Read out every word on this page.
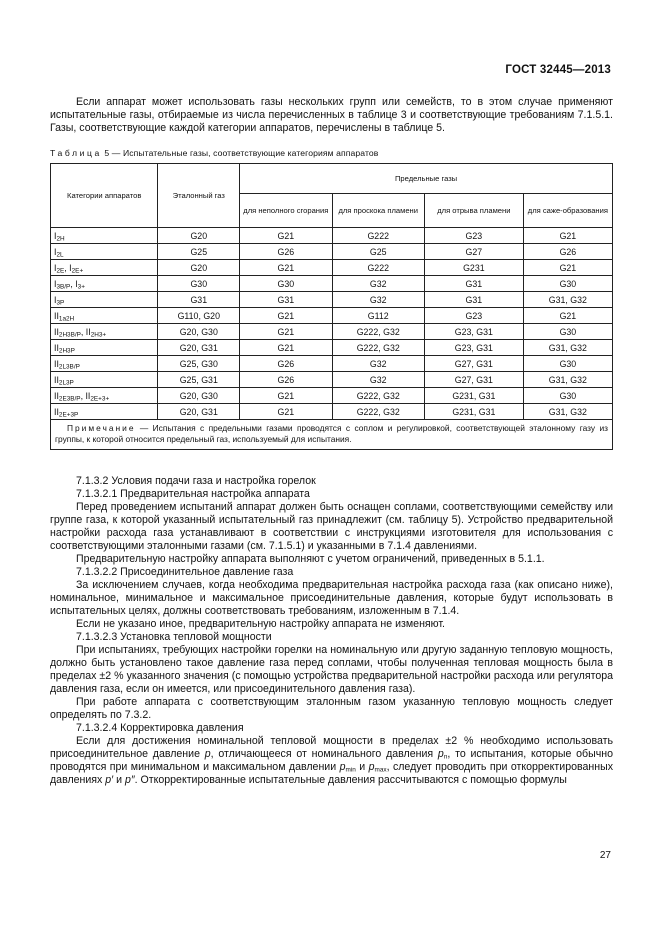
ГОСТ 32445—2013
Если аппарат может использовать газы нескольких групп или семейств, то в этом случае применяют испытательные газы, отбираемые из числа перечисленных в таблице 3 и соответствующие требованиям 7.1.5.1. Газы, соответствующие каждой категории аппаратов, перечислены в таблице 5.
Таблица 5 — Испытательные газы, соответствующие категориям аппаратов
Категории аппаратов	Эталонный газ	Предельные газы			
		для неполного сгорания	для проскока пламени	для отрыва пламени	для саже-образования
$I_{2H}$	G20	G21	G222	G23	G21
$I_{2L}$	G25	G26	G25	G27	G26
$I_{2E}$, $I_{2E+}$	G20	G21	G222	G231	G21
$I_{3B/P}$, $I_{3+}$	G30	G30	G32	G31	G30
$I_{3P}$	G31	G31	G32	G31	G31, G32
$II_{1a2H}$	G110, G20	G21	G112	G23	G21
$II_{2H3B/P}$, $II_{2H3+}$	G20, G30	G21	G222, G32	G23, G31	G30
$II_{2H3P}$	G20, G31	G21	G222, G32	G23, G31	G31, G32
$II_{2L3B/P}$	G25, G30	G26	G32	G27, G31	G30
$II_{2L3P}$	G25, G31	G26	G32	G27, G31	G31, G32
$II_{2E3B/P}$, $II_{2E+3+}$	G20, G30	G21	G222, G32	G231, G31	G30
$II_{2E+3P}$	G20, G31	G21	G222, G32	G231, G31	G31, G32
Примечание — Испытания с предельными газами проводятся с соплом и регулировкой, соответствующей эталонному газу из группы, к которой относится предельный газ, используемый для испытания.					

7.1.3.2 Условия подачи газа и настройка горелок

7.1.3.2.1 Предварительная настройка аппарата

Перед проведением испытаний аппарат должен быть оснащен соплами, соответствующими семейству или группе газа, к которой указанный испытательный газ принадлежит (см. таблицу 5). Устройство предварительной настройки расхода газа устанавливают в соответствии с инструкциями изготовителя для использования с соответствующими эталонными газами (см. 7.1.5.1) и указанными в 7.1.4 давлениями.

Предварительную настройку аппарата выполняют с учетом ограничений, приведенных в 5.1.1.

7.1.3.2.2 Присоединительное давление газа

За исключением случаев, когда необходима предварительная настройка расхода газа (как описано ниже), номинальное, минимальное и максимальное присоединительные давления, которые будут использовать в испытательных целях, должны соответствовать требованиям, изложенным в 7.1.4.

Если не указано иное, предварительную настройку аппарата не изменяют.

7.1.3.2.3 Установка тепловой мощности

При испытаниях, требующих настройки горелки на номинальную или другую заданную тепловую мощность, должно быть установлено такое давление газа перед соплами, чтобы полученная тепловая мощность была в пределах ±2 % указанного значения (с помощью устройства предварительной настройки расхода или регулятора давления газа, если он имеется, или присоединительного давления газа).

При работе аппарата с соответствующим эталонным газом указанную тепловую мощность следует определять по 7.3.2.

7.1.3.2.4 Корректировка давления

Если для достижения номинальной тепловой мощности в пределах ±2 % необходимо использовать присоединительное давление p, отличающееся от номинального давления $p_n$, то испытания, которые обычно проводятся при минимальном и максимальном давлении $p_{min}$ и $p_{max}$, следует проводить при откорректированных давлениях p′ и p″. Откорректированные испытательные давления рассчитываются с помощью формулы

27
